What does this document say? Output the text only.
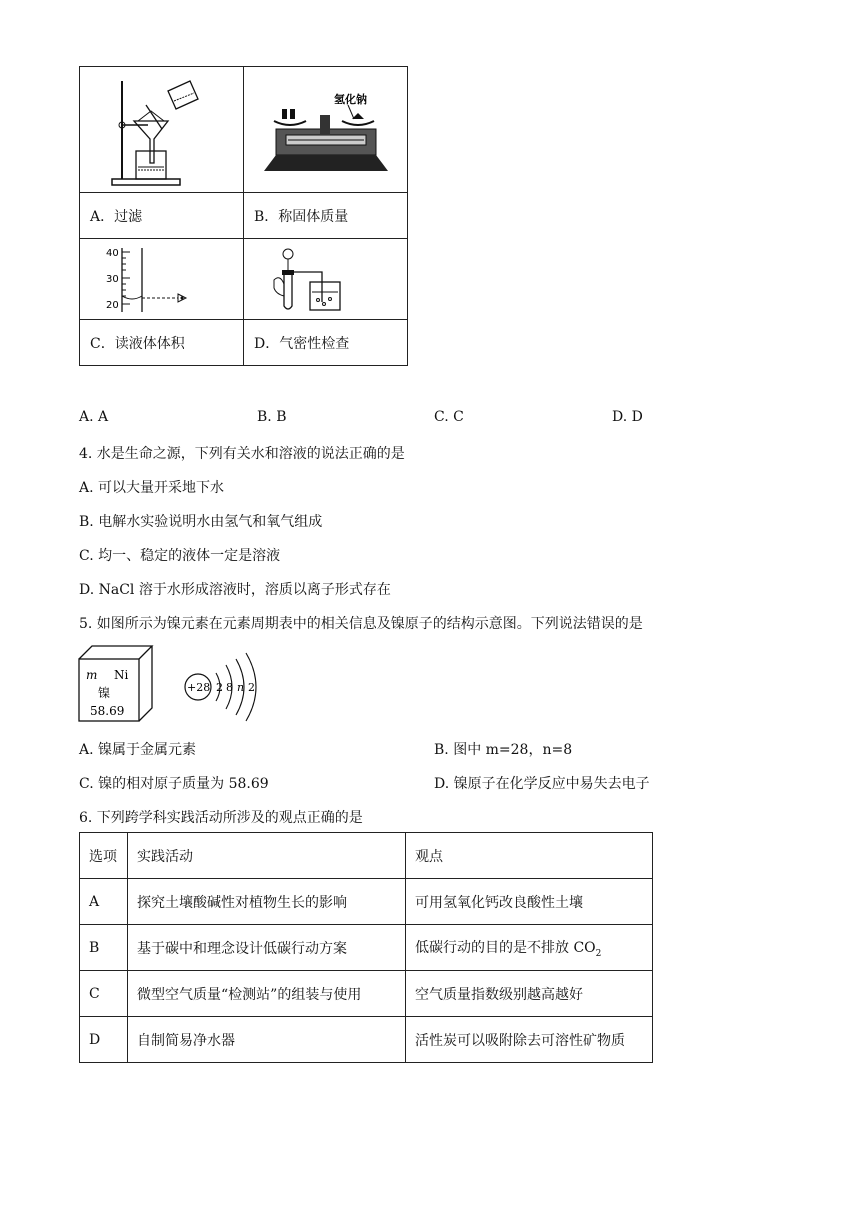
氢化钠

A．过滤	B．称固体质量

40
30
20

C．读液体体积	D．气密性检查
A. A	B. B	C. C	D. D
4. 水是生命之源，下列有关水和溶液的说法正确的是
A. 可以大量开采地下水
B. 电解水实验说明水由氢气和氧气组成
C. 均一、稳定的液体一定是溶液
D. NaCl 溶于水形成溶液时，溶质以离子形式存在
5. 如图所示为镍元素在元素周期表中的相关信息及镍原子的结构示意图。下列说法错误的是
m Ni
镍
58.69
+28 2 8 n 2
A. 镍属于金属元素	B. 图中 m=28，n=8
C. 镍的相对原子质量为 58.69	D. 镍原子在化学反应中易失去电子
6. 下列跨学科实践活动所涉及的观点正确的是
选项	实践活动	观点
A	探究土壤酸碱性对植物生长的影响	可用氢氧化钙改良酸性土壤
B	基于碳中和理念设计低碳行动方案	低碳行动的目的是不排放 $CO_2$
C	微型空气质量“检测站”的组装与使用	空气质量指数级别越高越好
D	自制简易净水器	活性炭可以吸附除去可溶性矿物质
